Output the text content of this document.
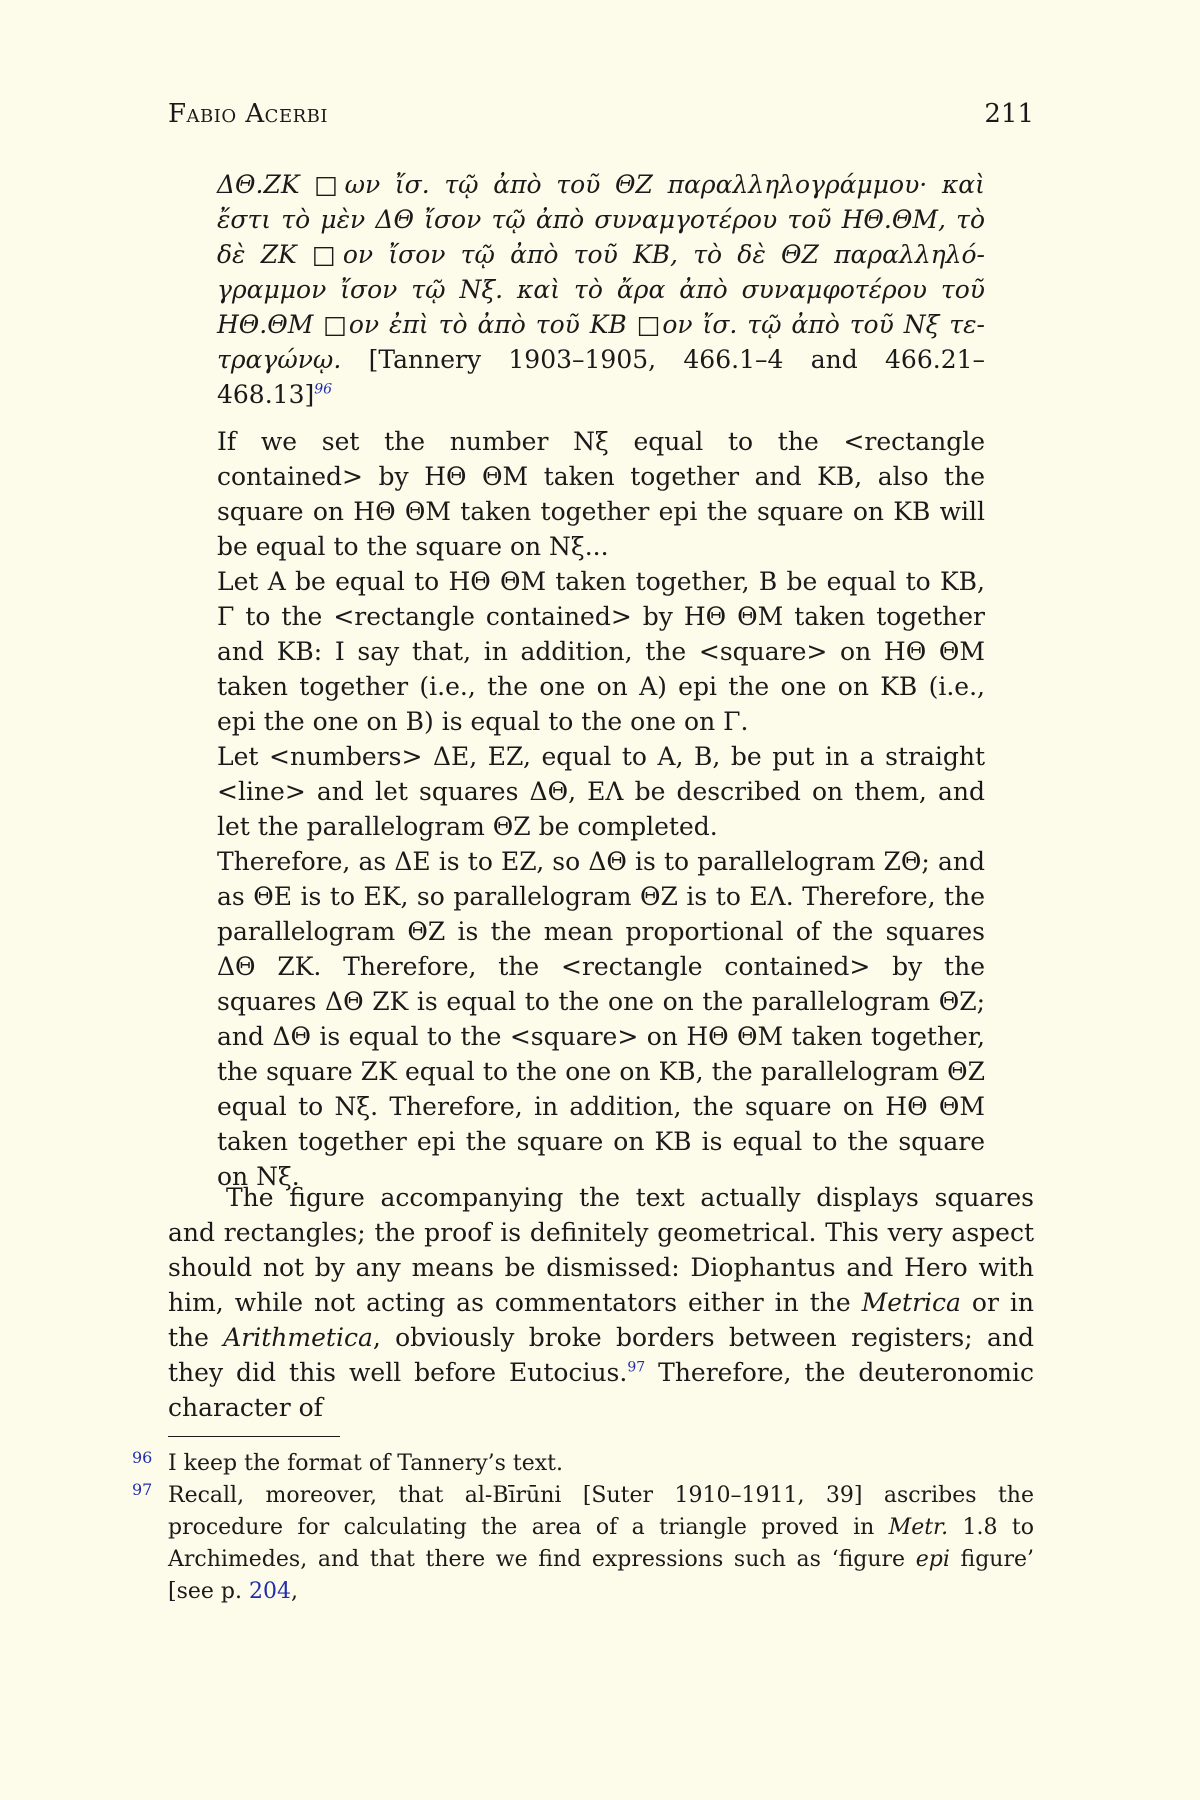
Fabio Acerbi	211
ΔΘ.ZK □ων ἴσ. τῷ ἀπὸ τοῦ ΘZ παραλληλογράμμου· καὶ ἔστι τὸ μὲν ΔΘ ἴσον τῷ ἀπὸ συναμγοτέρου τοῦ HΘ.ΘM, τὸ δὲ ZK □ον ἴσον τῷ ἀπὸ τοῦ KB, τὸ δὲ ΘZ παραλληλό- γραμμον ἴσον τῷ Nξ. καὶ τὸ ἄρα ἀπὸ συναμφοτέρου τοῦ HΘ.ΘM □ον ἐπὶ τὸ ἀπὸ τοῦ KB □ον ἴσ. τῷ ἀπὸ τοῦ Nξ τε- τραγώνῳ. [Tannery 1903–1905, 466.1–4 and 466.21–468.13]$^{96}$

If we set the number Nξ equal to the <rectangle contained> by HΘ ΘM taken together and KB, also the square on HΘ ΘM taken together epi the square on KB will be equal to the square on Nξ...

Let A be equal to HΘ ΘM taken together, B be equal to KB, Γ to the <rectangle contained> by HΘ ΘM taken together and KB: I say that, in addition, the <square> on HΘ ΘM taken together (i.e., the one on A) epi the one on KB (i.e., epi the one on B) is equal to the one on Γ.

Let <numbers> ΔE, EZ, equal to A, B, be put in a straight <line> and let squares ΔΘ, EΛ be described on them, and let the parallelogram ΘZ be completed.

Therefore, as ΔE is to EZ, so ΔΘ is to parallelogram ZΘ; and as ΘE is to EK, so parallelogram ΘZ is to EΛ. Therefore, the parallelogram ΘZ is the mean proportional of the squares ΔΘ ZK. Therefore, the <rectangle contained> by the squares ΔΘ ZK is equal to the one on the parallelogram ΘZ; and ΔΘ is equal to the <square> on HΘ ΘM taken together, the square ZK equal to the one on KB, the parallelogram ΘZ equal to Nξ. Therefore, in addition, the square on HΘ ΘM taken together epi the square on KB is equal to the square on Nξ.

The figure accompanying the text actually displays squares and rectangles; the proof is definitely geometrical. This very aspect should not by any means be dismissed: Diophantus and Hero with him, while not acting as commentators either in the Metrica or in the Arithmetica, obviously broke borders between registers; and they did this well before Eutocius.$^{97}$ Therefore, the deuteronomic character of

96 I keep the format of Tannery’s text.

97 Recall, moreover, that al-Bīrūni [Suter 1910–1911, 39] ascribes the procedure for calculating the area of a triangle proved in Metr. 1.8 to Archimedes, and that there we find expressions such as ‘figure epi figure’ [see p. 204,
